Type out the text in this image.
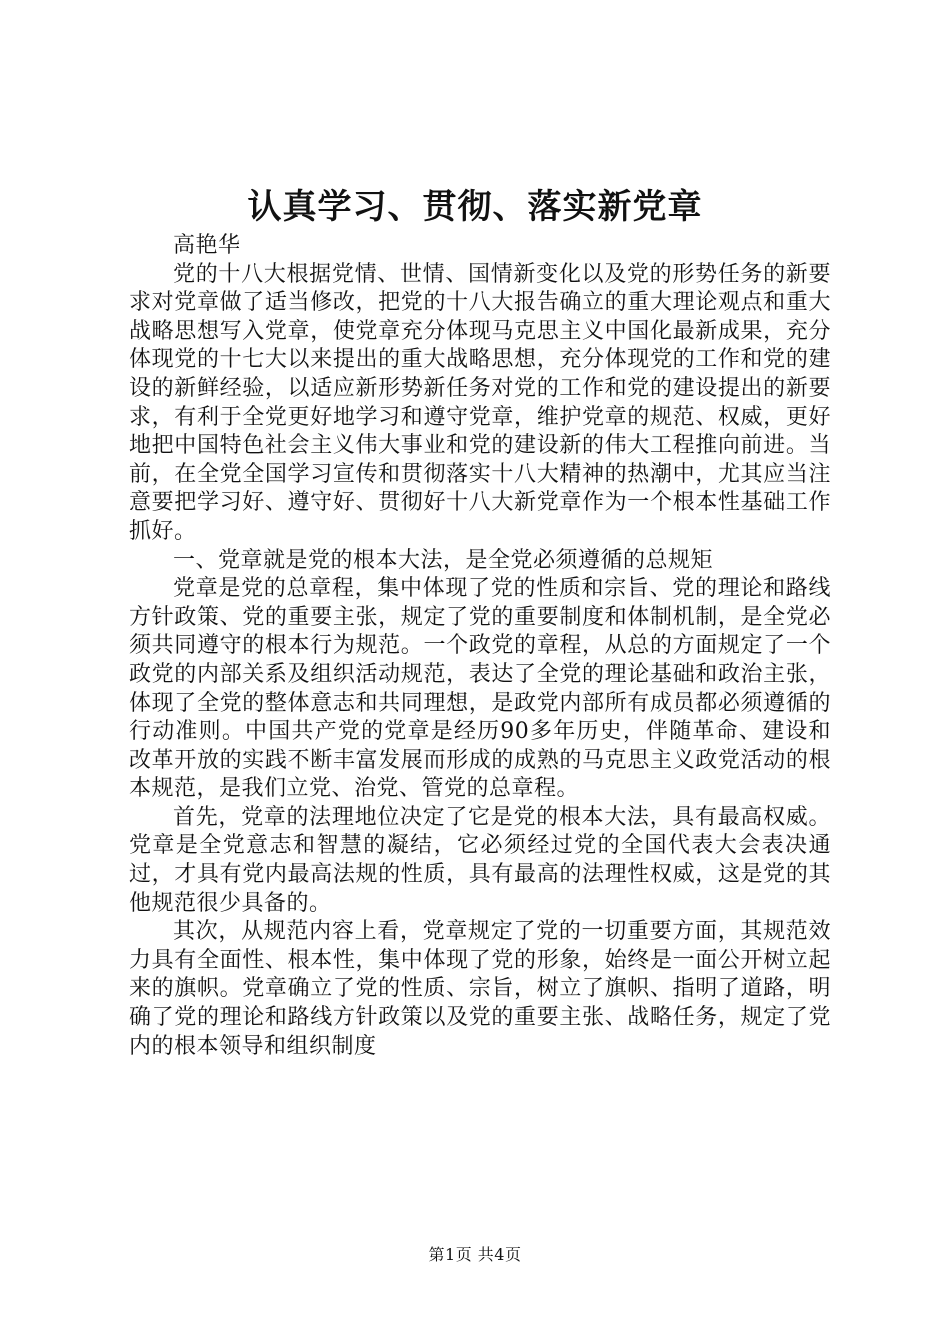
认真学习、贯彻、落实新党章

高艳华

党的十八大根据党情、世情、国情新变化以及党的形势任务的新要求对党章做了适当修改，把党的十八大报告确立的重大理论观点和重大战略思想写入党章，使党章充分体现马克思主义中国化最新成果，充分体现党的十七大以来提出的重大战略思想，充分体现党的工作和党的建设的新鲜经验，以适应新形势新任务对党的工作和党的建设提出的新要求，有利于全党更好地学习和遵守党章，维护党章的规范、权威，更好地把中国特色社会主义伟大事业和党的建设新的伟大工程推向前进。当前，在全党全国学习宣传和贯彻落实十八大精神的热潮中，尤其应当注意要把学习好、遵守好、贯彻好十八大新党章作为一个根本性基础工作抓好。

一、党章就是党的根本大法，是全党必须遵循的总规矩

党章是党的总章程，集中体现了党的性质和宗旨、党的理论和路线方针政策、党的重要主张，规定了党的重要制度和体制机制，是全党必须共同遵守的根本行为规范。一个政党的章程，从总的方面规定了一个政党的内部关系及组织活动规范，表达了全党的理论基础和政治主张，体现了全党的整体意志和共同理想，是政党内部所有成员都必须遵循的行动准则。中国共产党的党章是经历90多年历史，伴随革命、建设和改革开放的实践不断丰富发展而形成的成熟的马克思主义政党活动的根本规范，是我们立党、治党、管党的总章程。

首先，党章的法理地位决定了它是党的根本大法，具有最高权威。党章是全党意志和智慧的凝结，它必须经过党的全国代表大会表决通过，才具有党内最高法规的性质，具有最高的法理性权威，这是党的其他规范很少具备的。

其次，从规范内容上看，党章规定了党的一切重要方面，其规范效力具有全面性、根本性，集中体现了党的形象，始终是一面公开树立起来的旗帜。党章确立了党的性质、宗旨，树立了旗帜、指明了道路，明确了党的理论和路线方针政策以及党的重要主张、战略任务，规定了党内的根本领导和组织制度

第1页 共4页
